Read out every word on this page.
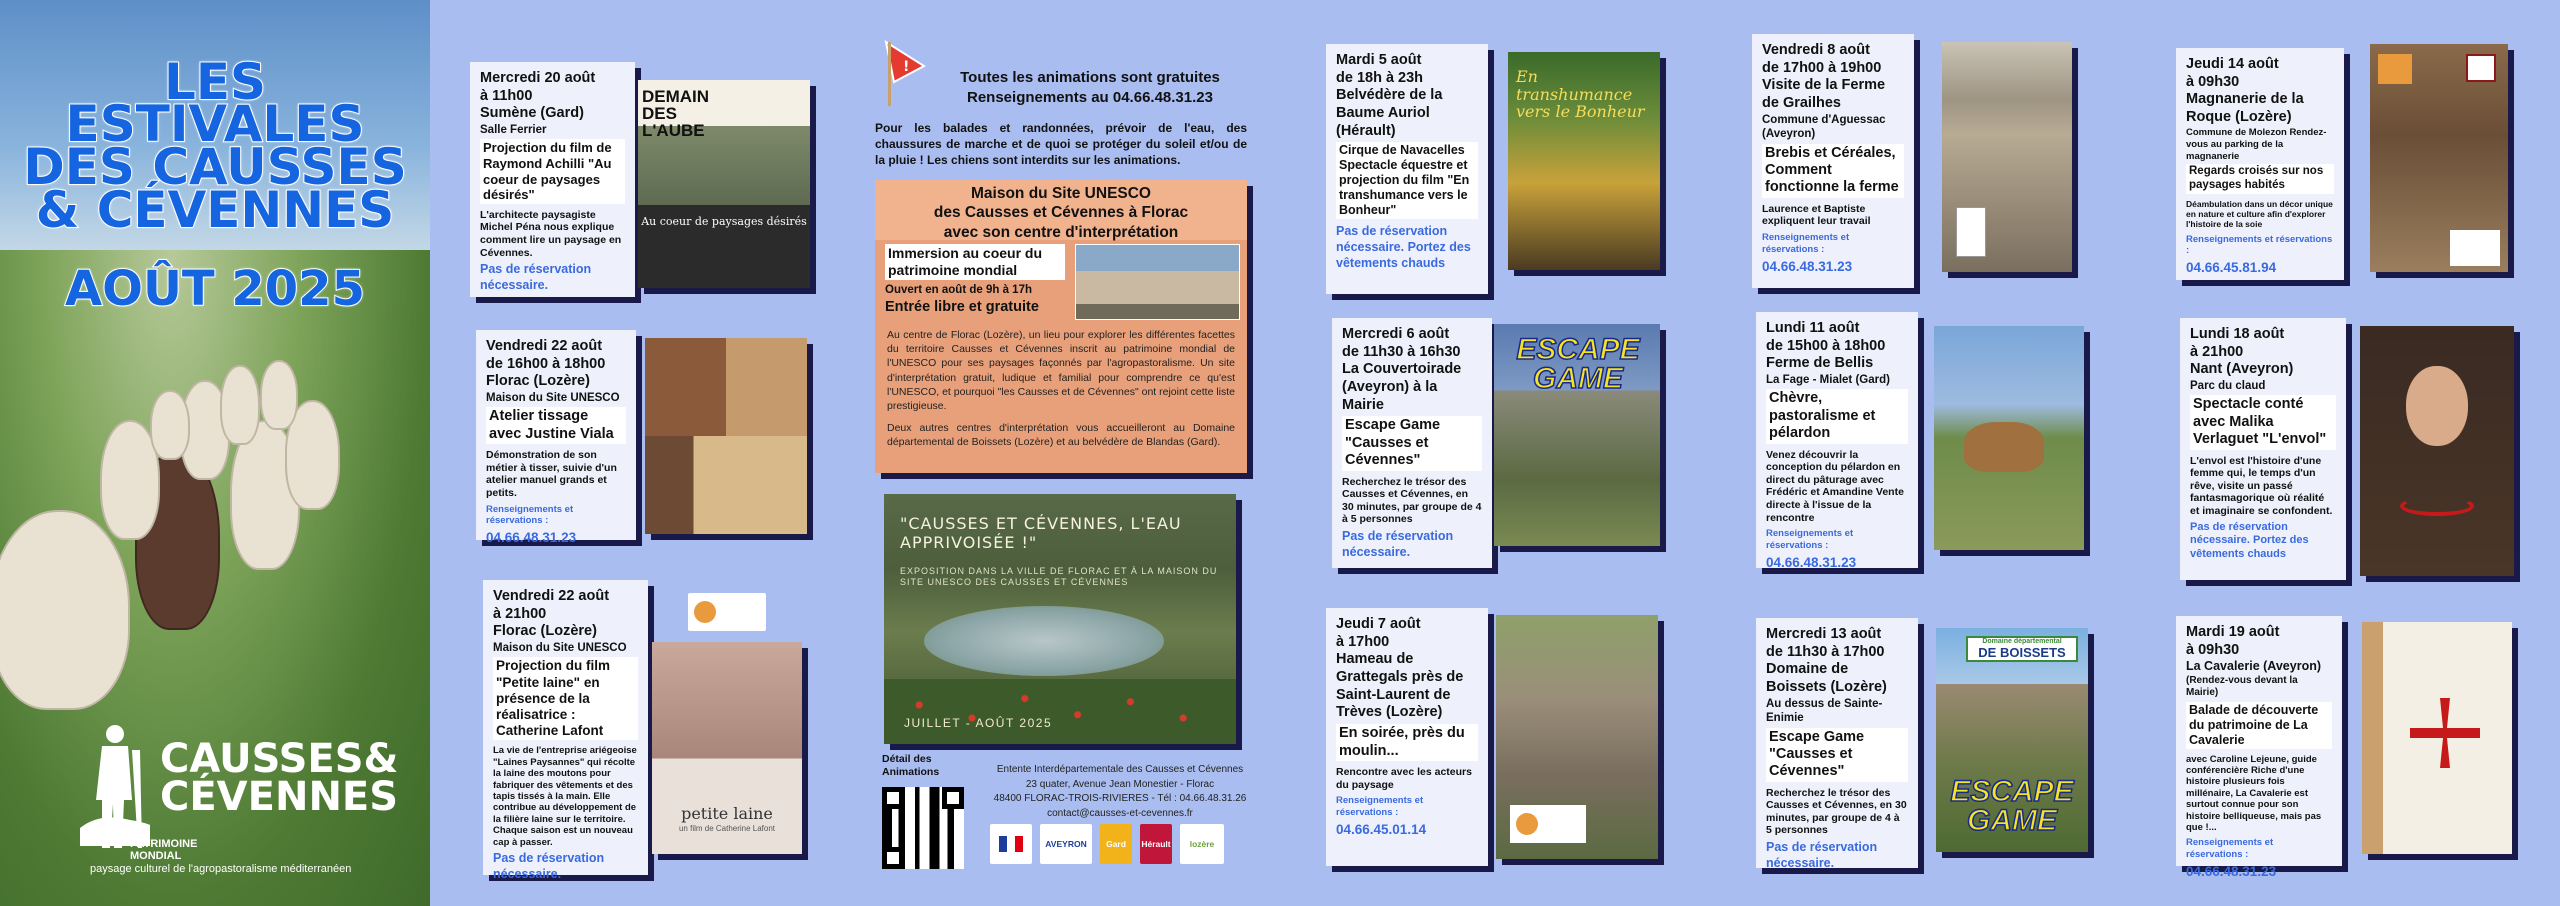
LES
ESTIVALES
DES CAUSSES
& CÉVENNES
AOÛT 2025
CAUSSES&
CÉVENNES
PATRIMOINE
MONDIAL
paysage culturel de l'agropastoralisme méditerranéen
Mercredi 20 août
à 11h00
Sumène (Gard)
Salle Ferrier
Projection du film de Raymond Achilli "Au coeur de paysages désirés"
L'architecte paysagiste Michel Péna nous explique comment lire un paysage en Cévennes.
Pas de réservation nécessaire.
DEMAIN DES L'AUBE
Au coeur de paysages désirés
Vendredi 22 août
de 16h00 à 18h00
Florac (Lozère)
Maison du Site UNESCO
Atelier tissage avec Justine Viala
Démonstration de son métier à tisser, suivie d'un atelier manuel grands et petits.
Renseignements et réservations :
04.66.48.31.23
Vendredi 22 août
à 21h00
Florac (Lozère)
Maison du Site UNESCO
Projection du film "Petite laine" en présence de la réalisatrice : Catherine Lafont
La vie de l'entreprise ariégeoise "Laines Paysannes" qui récolte la laine des moutons pour fabriquer des vêtements et des tapis tissés à la main. Elle contribue au développement de la filière laine sur le territoire. Chaque saison est un nouveau cap à passer.
Pas de réservation nécessaire.
petite laine
un film de Catherine Lafont
!
Toutes les animations sont gratuites
Renseignements au 04.66.48.31.23
Pour les balades et randonnées, prévoir de l'eau, des chaussures de marche et de quoi se protéger du soleil et/ou de la pluie ! Les chiens sont interdits sur les animations.
Maison du Site UNESCO
des Causses et Cévennes à Florac
avec son centre d'interprétation
Immersion au coeur du patrimoine mondial
Ouvert en août de 9h à 17h
Entrée libre et gratuite
Au centre de Florac (Lozère), un lieu pour explorer les différentes facettes du territoire Causses et Cévennes inscrit au patrimoine mondial de l'UNESCO pour ses paysages façonnés par l'agropastoralisme. Un site d'interprétation gratuit, ludique et familial pour comprendre ce qu'est l'UNESCO, et pourquoi "les Causses et de Cévennes" ont rejoint cette liste prestigieuse.
Deux autres centres d'interprétation vous accueilleront au Domaine départemental de Boissets (Lozère) et au belvédère de Blandas (Gard).
"CAUSSES ET CÉVENNES, L'EAU APPRIVOISÉE !"
EXPOSITION DANS LA VILLE DE FLORAC ET À LA MAISON DU SITE UNESCO DES CAUSSES ET CÉVENNES
JUILLET - AOÛT 2025
Détail des
Animations	Entente Interdépartementale des Causses et Cévennes
23 quater, Avenue Jean Monestier - Florac
48400 FLORAC-TROIS-RIVIERES - Tél : 04.66.48.31.26
contact@causses-et-cevennes.fr
AVEYRON	Gard	Hérault	lozère
Mardi 5 août
de 18h à 23h
Belvédère de la Baume Auriol (Hérault)
Cirque de Navacelles Spectacle équestre et projection du film "En transhumance vers le Bonheur"
Pas de réservation nécessaire. Portez des vêtements chauds
En transhumance vers le Bonheur
Mercredi 6 août
de 11h30 à 16h30
La Couvertoirade (Aveyron) à la Mairie
Escape Game "Causses et Cévennes"
Recherchez le trésor des Causses et Cévennes, en 30 minutes, par groupe de 4 à 5 personnes
Pas de réservation nécessaire.
ESCAPE GAME
Jeudi 7 août
à 17h00
Hameau de Grattegals près de Saint-Laurent de Trèves (Lozère)
En soirée, près du moulin...
Rencontre avec les acteurs du paysage
Renseignements et réservations :
04.66.45.01.14
Vendredi 8 août
de 17h00 à 19h00
Visite de la Ferme de Grailhes
Commune d'Aguessac (Aveyron)
Brebis et Céréales, Comment fonctionne la ferme
Laurence et Baptiste expliquent leur travail
Renseignements et réservations :
04.66.48.31.23
Lundi 11 août
de 15h00 à 18h00
Ferme de Bellis
La Fage - Mialet (Gard)
Chèvre, pastoralisme et pélardon
Venez découvrir la conception du pélardon en direct du pâturage avec Frédéric et Amandine Vente directe à l'issue de la rencontre
Renseignements et réservations :
04.66.48.31.23
Mercredi 13 août
de 11h30 à 17h00
Domaine de Boissets (Lozère)
Au dessus de Sainte-Enimie
Escape Game "Causses et Cévennes"
Recherchez le trésor des Causses et Cévennes, en 30 minutes, par groupe de 4 à 5 personnes
Pas de réservation nécessaire.
Domaine départemental
DE BOISSETS
ESCAPE GAME
Jeudi 14 août
à 09h30
Magnanerie de la Roque (Lozère)
Commune de Molezon Rendez-vous au parking de la magnanerie
Regards croisés sur nos paysages habités
Déambulation dans un décor unique en nature et culture afin d'explorer l'histoire de la soie
Renseignements et réservations :
04.66.45.81.94
Lundi 18 août
à 21h00
Nant (Aveyron)
Parc du claud
Spectacle conté avec Malika Verlaguet "L'envol"
L'envol est l'histoire d'une femme qui, le temps d'un rêve, visite un passé fantasmagorique où réalité et imaginaire se confondent.
Pas de réservation nécessaire. Portez des vêtements chauds
Mardi 19 août
à 09h30
La Cavalerie (Aveyron)
(Rendez-vous devant la Mairie)
Balade de découverte du patrimoine de La Cavalerie
avec Caroline Lejeune, guide conférencière Riche d'une histoire plusieurs fois millénaire, La Cavalerie est surtout connue pour son histoire belliqueuse, mais pas que !...
Renseignements et réservations :
04.66.48.31.23
